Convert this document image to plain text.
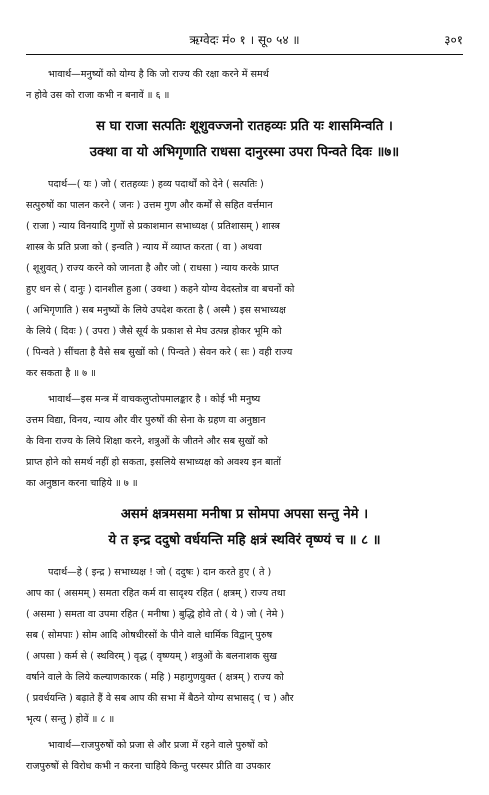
ऋग्वेदः मं० १ । सू० ५४ ॥	३०१
भावार्थ—मनुष्यों को योग्य है कि जो राज्य की रक्षा करने में समर्थ
न होवे उस को राजा कभी न बनावें ॥ ६ ॥
स घा राजा सत्पतिः शूशुवज्जनो रातहव्यः प्रति यः शासमिन्वति ।
उक्था वा यो अभिगृणाति राधसा दानुरस्मा उपरा पिन्वते दिवः ॥७॥
पदार्थ—( यः ) जो ( रातहव्यः ) हव्य पदार्थों को देने ( सत्पतिः )
सत्पुरुषों का पालन करने ( जनः ) उत्तम गुण और कर्मों से सहित वर्त्तमान
( राजा ) न्याय विनयादि गुणों से प्रकाशमान सभाध्यक्ष ( प्रतिशासम् ) शास्त्र
शास्त्र के प्रति प्रजा को ( इन्वति ) न्याय में व्याप्त करता ( वा ) अथवा
( शूशुवत् ) राज्य करने को जानता है और जो ( राधसा ) न्याय करके प्राप्त
हुए धन से ( दानुः ) दानशील हुआ ( उक्था ) कहने योग्य वेदस्तोत्र वा बचनों को
( अभिगृणाति ) सब मनुष्यों के लिये उपदेश करता है ( अस्मै ) इस सभाध्यक्ष
के लिये ( दिवः ) ( उपरा ) जैसे सूर्य के प्रकाश से मेघ उत्पन्न होकर भूमि को
( पिन्वते ) सींचता है वैसे सब सुखों को ( पिन्वते ) सेवन करे ( सः ) वही राज्य
कर सकता है ॥ ७ ॥
भावार्थ—इस मन्त्र में वाचकलुप्तोपमालङ्कार है । कोई भी मनुष्य
उत्तम विद्या, विनय, न्याय और वीर पुरुषों की सेना के ग्रहण वा अनुष्ठान
के विना राज्य के लिये शिक्षा करने, शत्रुओं के जीतने और सब सुखों को
प्राप्त होने को समर्थ नहीं हो सकता, इसलिये सभाध्यक्ष को अवश्य इन बातों
का अनुष्ठान करना चाहिये ॥ ७ ॥
असमं क्षत्रमसमा मनीषा प्र सोमपा अपसा सन्तु नेमे ।
ये त इन्द्र ददुषो वर्धयन्ति महि क्षत्रं स्थविरं वृष्ण्यं च ॥ ८ ॥
पदार्थ—हे ( इन्द्र ) सभाध्यक्ष ! जो ( ददुषः ) दान करते हुए ( ते )
आप का ( असमम् ) समता रहित कर्म वा सादृश्य रहित ( क्षत्रम् ) राज्य तथा
( असमा ) समता वा उपमा रहित ( मनीषा ) बुद्धि होवे तो ( ये ) जो ( नेमे )
सब ( सोमपाः ) सोम आदि ओषधीरसों के पीने वाले धार्मिक विद्वान् पुरुष
( अपसा ) कर्म से ( स्थविरम् ) वृद्ध ( वृष्ण्यम् ) शत्रुओं के बलनाशक सुख
वर्षाने वाले के लिये कल्याणकारक ( महि ) महागुणयुक्त ( क्षत्रम् ) राज्य को
( प्रवर्धयन्ति ) बढ़ाते हैं वे सब आप की सभा में बैठने योग्य सभासद् ( च ) और
भृत्य ( सन्तु ) होवें ॥ ८ ॥
भावार्थ—राजपुरुषों को प्रजा से और प्रजा में रहने वाले पुरुषों को
राजपुरुषों से विरोध कभी न करना चाहिये किन्तु परस्पर प्रीति वा उपकार
